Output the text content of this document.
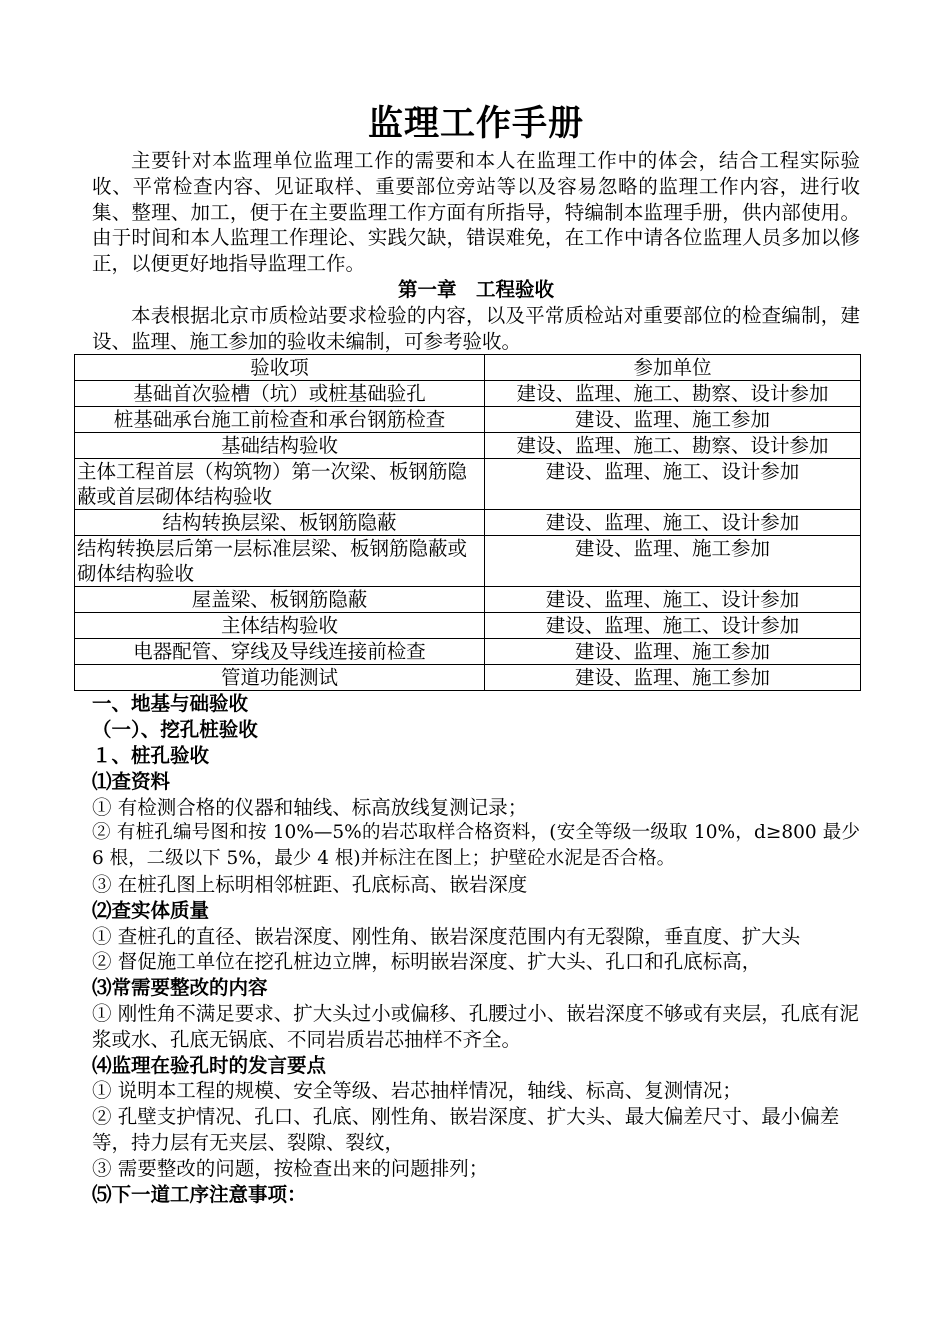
监理工作手册

主要针对本监理单位监理工作的需要和本人在监理工作中的体会，结合工程实际验收、平常检查内容、见证取样、重要部位旁站等以及容易忽略的监理工作内容，进行收集、整理、加工，便于在主要监理工作方面有所指导，特编制本监理手册，供内部使用。由于时间和本人监理工作理论、实践欠缺，错误难免，在工作中请各位监理人员多加以修正，以便更好地指导监理工作。

第一章　工程验收

本表根据北京市质检站要求检验的内容，以及平常质检站对重要部位的检查编制，建设、监理、施工参加的验收未编制，可参考验收。

验收项	参加单位
基础首次验槽（坑）或桩基础验孔	建设、监理、施工、勘察、设计参加
桩基础承台施工前检查和承台钢筋检查	建设、监理、施工参加
基础结构验收	建设、监理、施工、勘察、设计参加
主体工程首层（构筑物）第一次梁、板钢筋隐蔽或首层砌体结构验收	建设、监理、施工、设计参加
结构转换层梁、板钢筋隐蔽	建设、监理、施工、设计参加
结构转换层后第一层标准层梁、板钢筋隐蔽或砌体结构验收	建设、监理、施工参加
屋盖梁、板钢筋隐蔽	建设、监理、施工、设计参加
主体结构验收	建设、监理、施工、设计参加
电器配管、穿线及导线连接前检查	建设、监理、施工参加
管道功能测试	建设、监理、施工参加

一、地基与础验收

（一）、挖孔桩验收

１、桩孔验收

⑴查资料

① 有检测合格的仪器和轴线、标高放线复测记录；

② 有桩孔编号图和按 10%—5%的岩芯取样合格资料，(安全等级一级取 10%，d≥800 最少 6 根，二级以下 5%，最少 4 根)并标注在图上；护壁砼水泥是否合格。

③ 在桩孔图上标明相邻桩距、孔底标高、嵌岩深度

⑵查实体质量

① 查桩孔的直径、嵌岩深度、刚性角、嵌岩深度范围内有无裂隙，垂直度、扩大头

② 督促施工单位在挖孔桩边立牌，标明嵌岩深度、扩大头、孔口和孔底标高，

⑶常需要整改的内容

① 刚性角不满足要求、扩大头过小或偏移、孔腰过小、嵌岩深度不够或有夹层，孔底有泥浆或水、孔底无锅底、不同岩质岩芯抽样不齐全。

⑷监理在验孔时的发言要点

① 说明本工程的规模、安全等级、岩芯抽样情况，轴线、标高、复测情况；

② 孔壁支护情况、孔口、孔底、刚性角、嵌岩深度、扩大头、最大偏差尺寸、最小偏差等，持力层有无夹层、裂隙、裂纹，

③ 需要整改的问题，按检查出来的问题排列；

⑸下一道工序注意事项：
